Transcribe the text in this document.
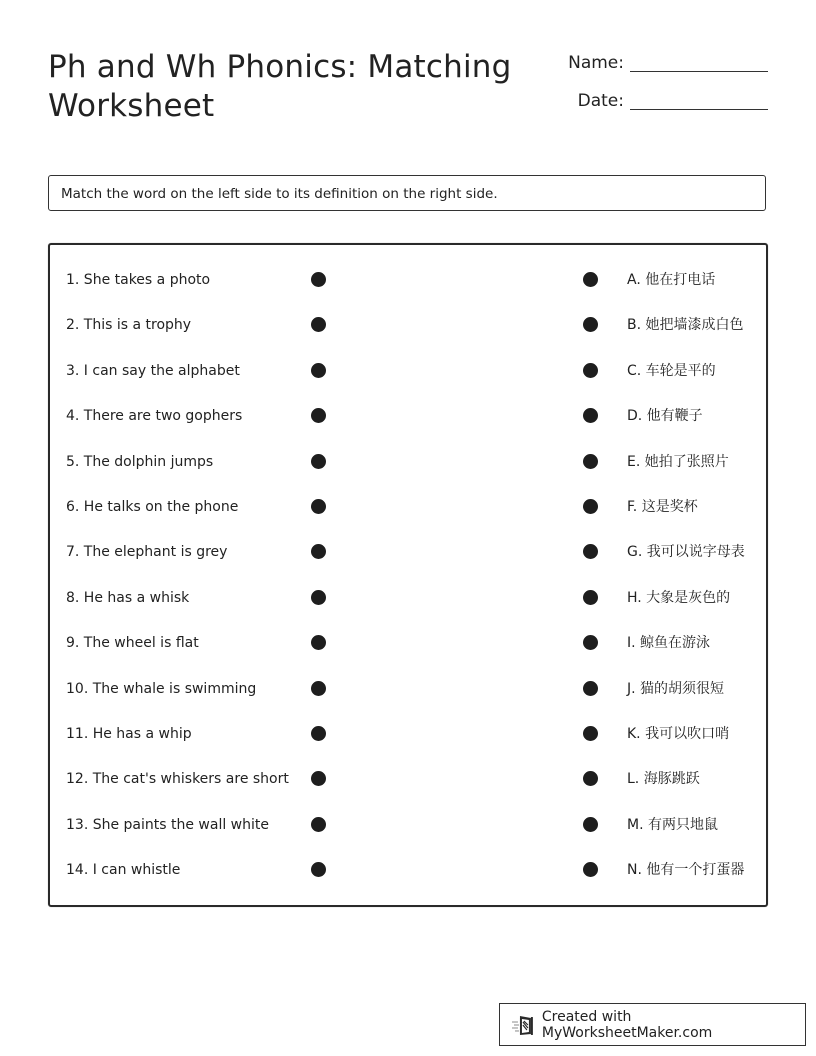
Ph and Wh Phonics: Matching Worksheet
Name:
Date:
Match the word on the left side to its definition on the right side.
1. She takes a photo	A. 他在打电话
2. This is a trophy	B. 她把墙漆成白色
3. I can say the alphabet	C. 车轮是平的
4. There are two gophers	D. 他有鞭子
5. The dolphin jumps	E. 她拍了张照片
6. He talks on the phone	F. 这是奖杯
7. The elephant is grey	G. 我可以说字母表
8. He has a whisk	H. 大象是灰色的
9. The wheel is flat	I. 鲸鱼在游泳
10. The whale is swimming	J. 猫的胡须很短
11. He has a whip	K. 我可以吹口哨
12. The cat's whiskers are short	L. 海豚跳跃
13. She paints the wall white	M. 有两只地鼠
14. I can whistle	N. 他有一个打蛋器
Created with MyWorksheetMaker.com
